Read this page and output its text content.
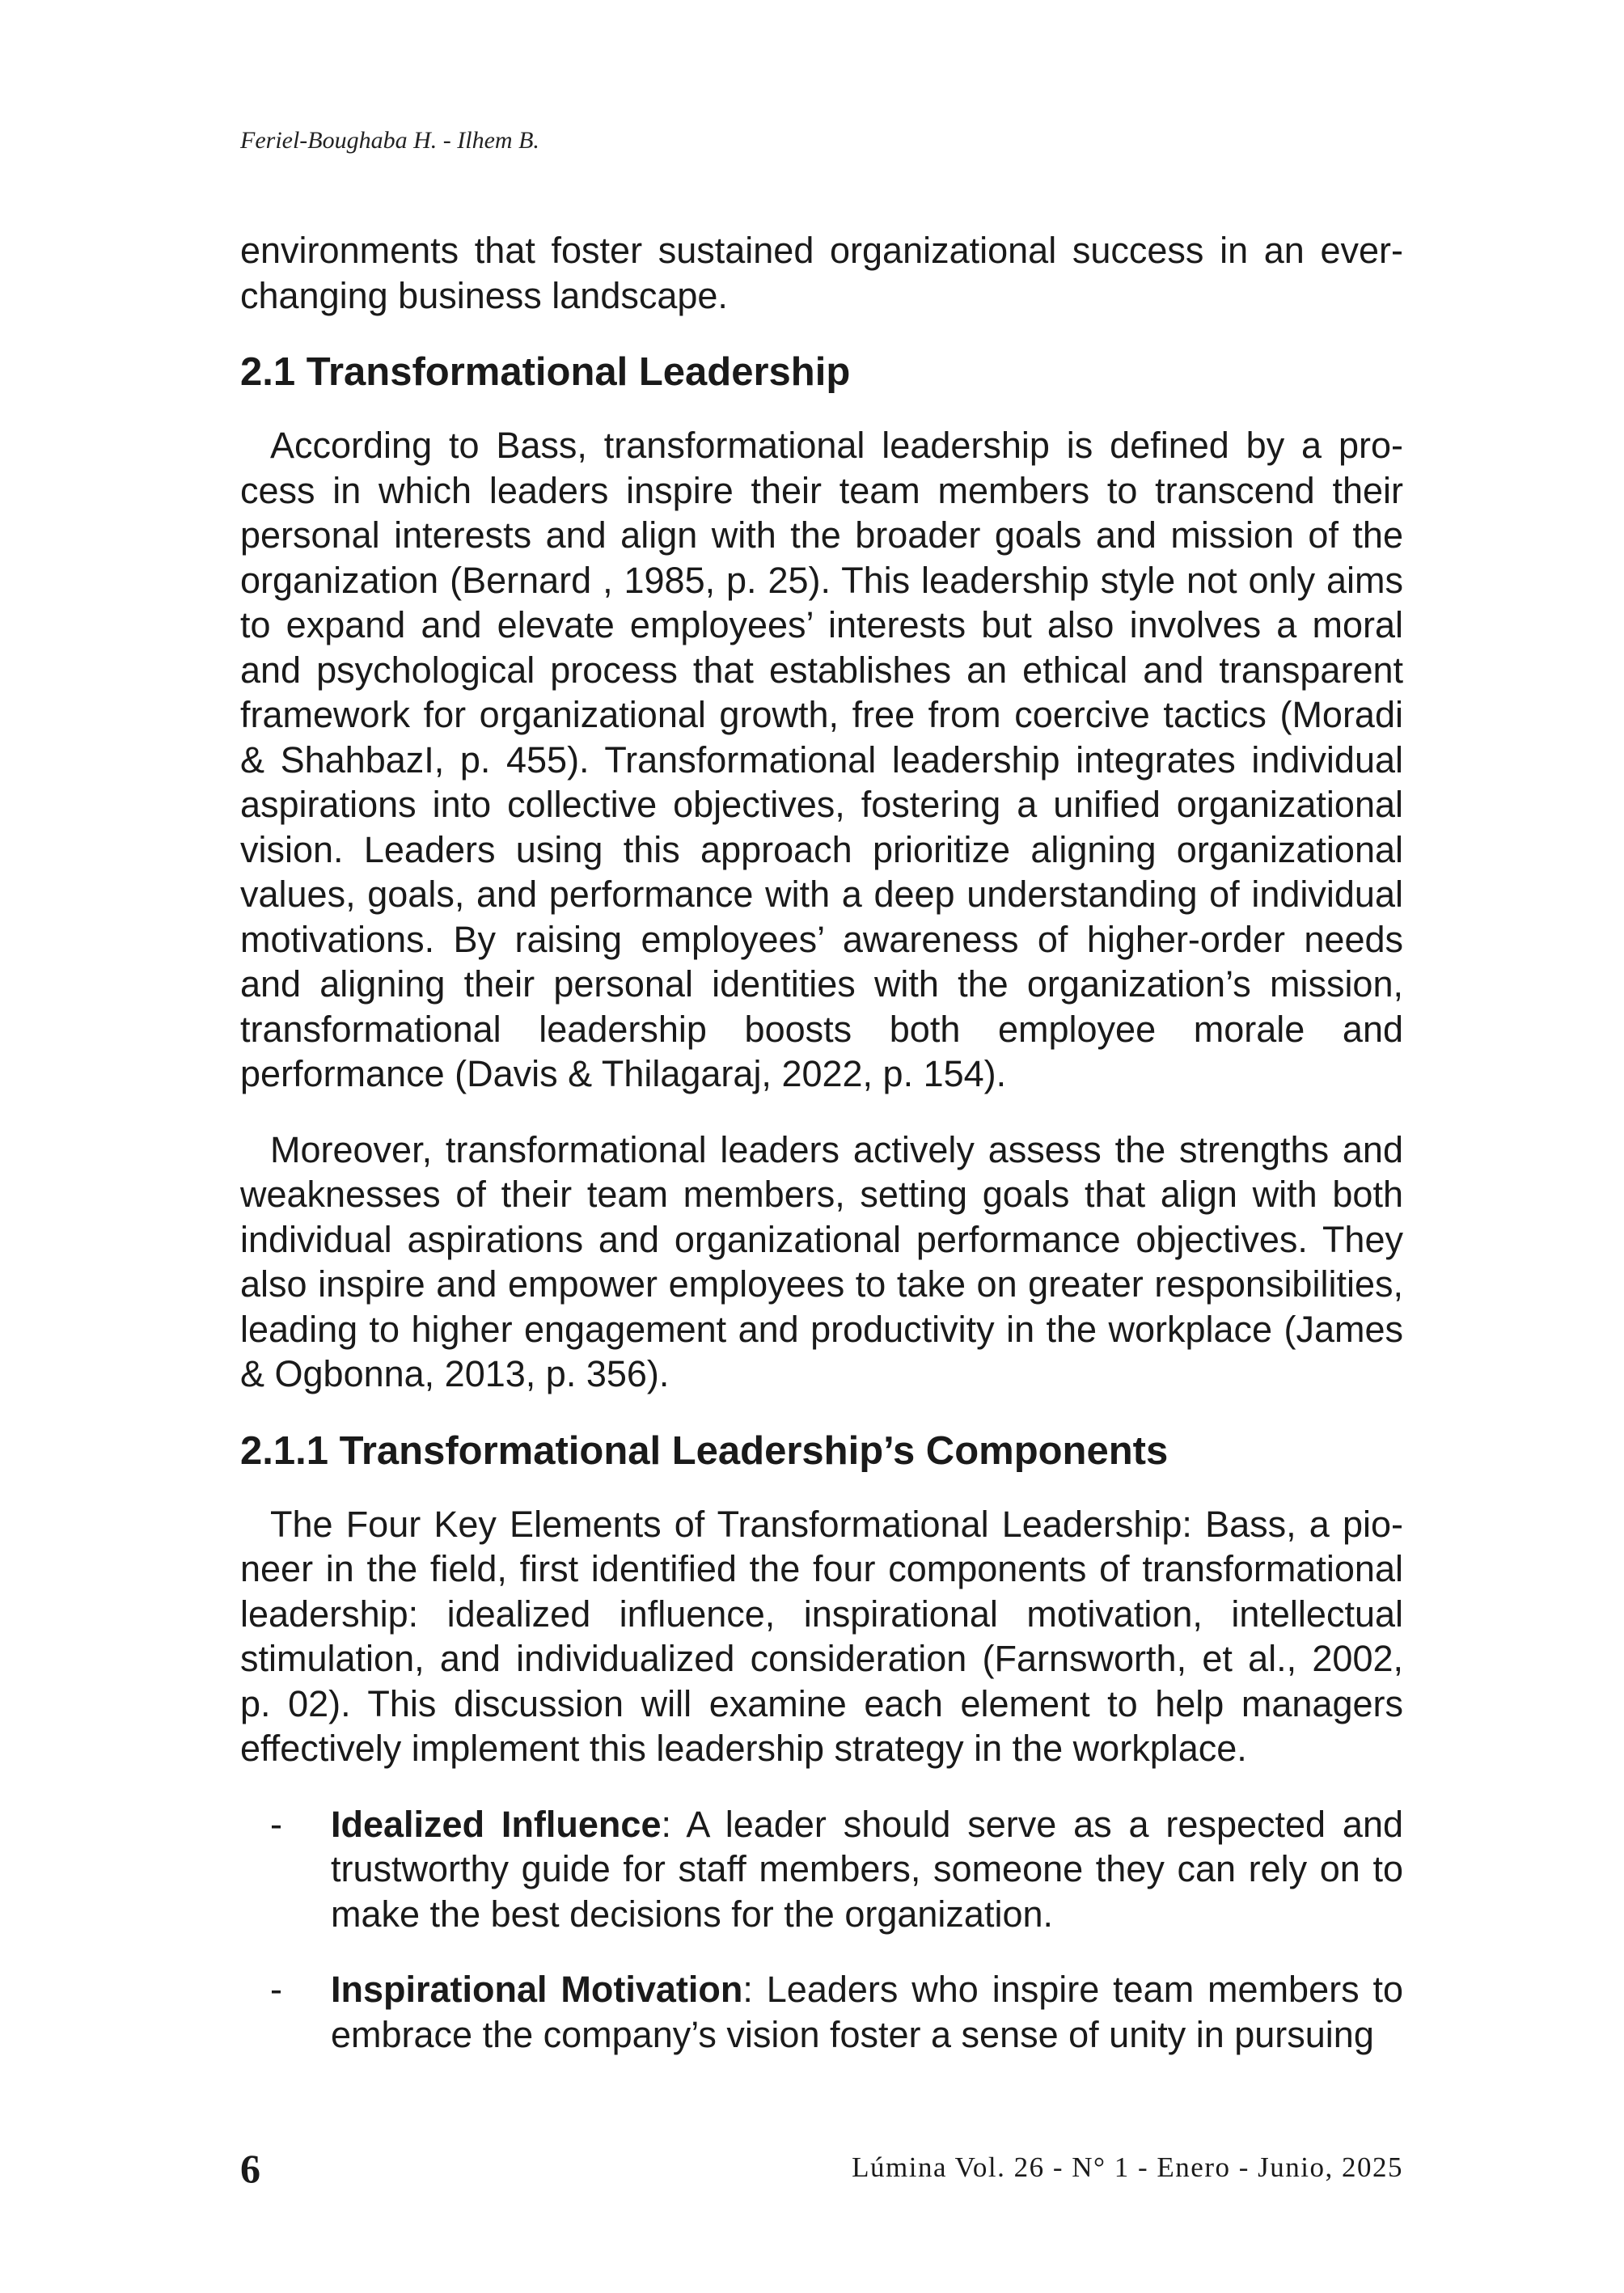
Feriel-Boughaba H. - Ilhem B.

environments that foster sustained organizational success in an ever-changing business landscape.

2.1 Transformational Leadership

According to Bass, transformational leadership is defined by a process in which leaders inspire their team members to transcend their personal interests and align with the broader goals and mission of the organization (Bernard , 1985, p. 25). This leadership style not only aims to expand and elevate employees’ interests but also involves a moral and psychological process that establishes an ethical and transparent framework for organizational growth, free from coercive tactics (Moradi & ShahbazI, p. 455). Transformational leadership integrates individual aspirations into collective objectives, fostering a unified organizational vision. Leaders using this approach prioritize aligning organizational values, goals, and performance with a deep understanding of individual motivations. By raising employees’ awareness of higher-order needs and aligning their personal identities with the organization’s mission, transformational leadership boosts both employee morale and performance (Davis & Thilagaraj, 2022, p. 154).

Moreover, transformational leaders actively assess the strengths and weaknesses of their team members, setting goals that align with both individual aspirations and organizational performance objectives. They also inspire and empower employees to take on greater responsibilities, leading to higher engagement and productivity in the workplace (James & Ogbonna, 2013, p. 356).

2.1.1 Transformational Leadership’s Components

The Four Key Elements of Transformational Leadership: Bass, a pioneer in the field, first identified the four components of transformational leadership: idealized influence, inspirational motivation, intellectual stimulation, and individualized consideration (Farnsworth, et al., 2002, p. 02). This discussion will examine each element to help managers effectively implement this leadership strategy in the workplace.

- Idealized Influence: A leader should serve as a respected and trustworthy guide for staff members, someone they can rely on to make the best decisions for the organization.
- Inspirational Motivation: Leaders who inspire team members to embrace the company’s vision foster a sense of unity in pursuing
6	Lúmina Vol. 26 - N° 1 - Enero - Junio, 2025
